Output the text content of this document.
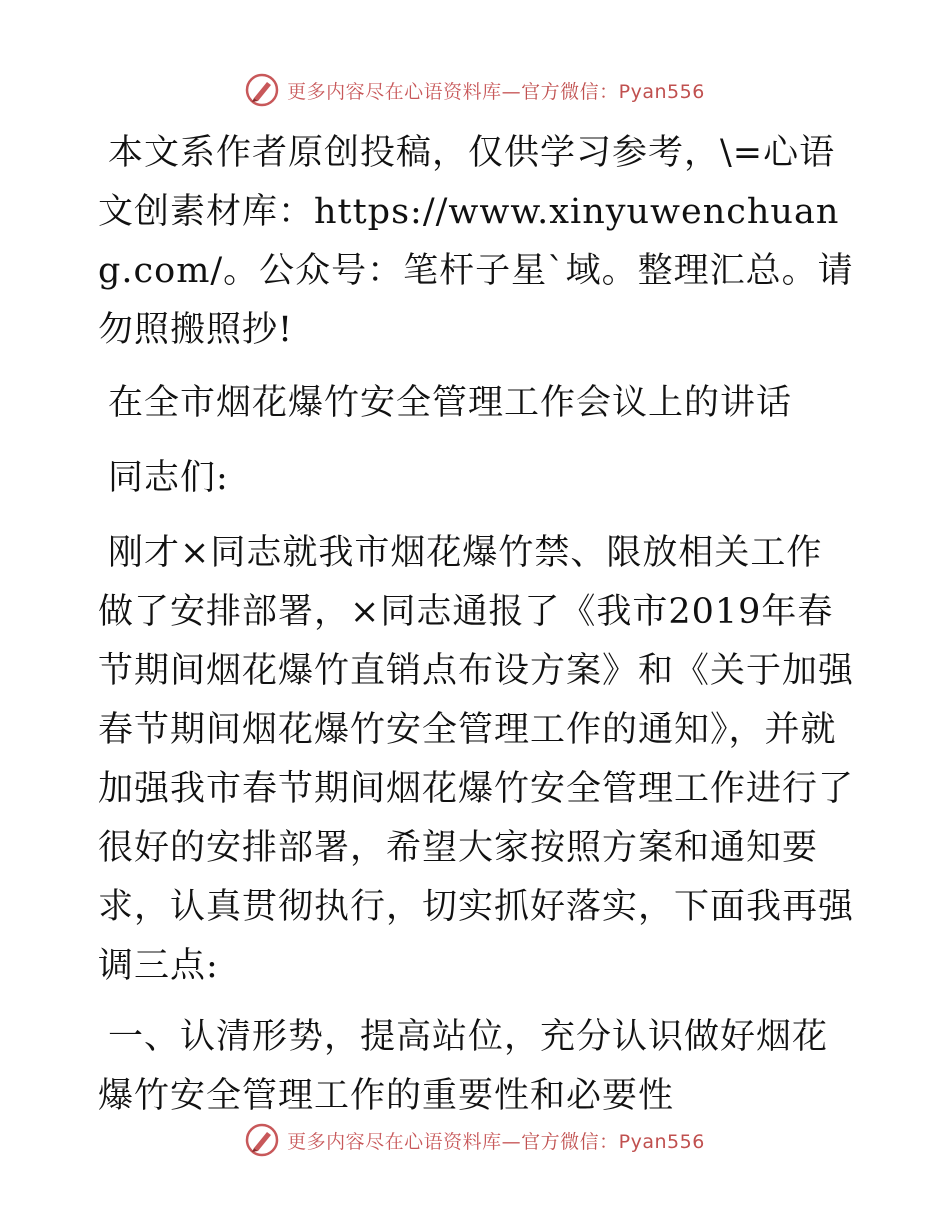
更多内容尽在心语资料库—官方微信：Pyan556

本文系作者原创投稿，仅供学习参考，\=心语文创素材库：https://www.xinyuwenchuang.com/。公众号：笔杆子星`域。整理汇总。请勿照搬照抄!

在全市烟花爆竹安全管理工作会议上的讲话

同志们:

刚才×同志就我市烟花爆竹禁、限放相关工作做了安排部署，×同志通报了《我市2019年春节期间烟花爆竹直销点布设方案》和《关于加强春节期间烟花爆竹安全管理工作的通知》，并就加强我市春节期间烟花爆竹安全管理工作进行了很好的安排部署，希望大家按照方案和通知要求，认真贯彻执行，切实抓好落实，下面我再强调三点:

一、认清形势，提高站位，充分认识做好烟花爆竹安全管理工作的重要性和必要性

更多内容尽在心语资料库—官方微信：Pyan556
